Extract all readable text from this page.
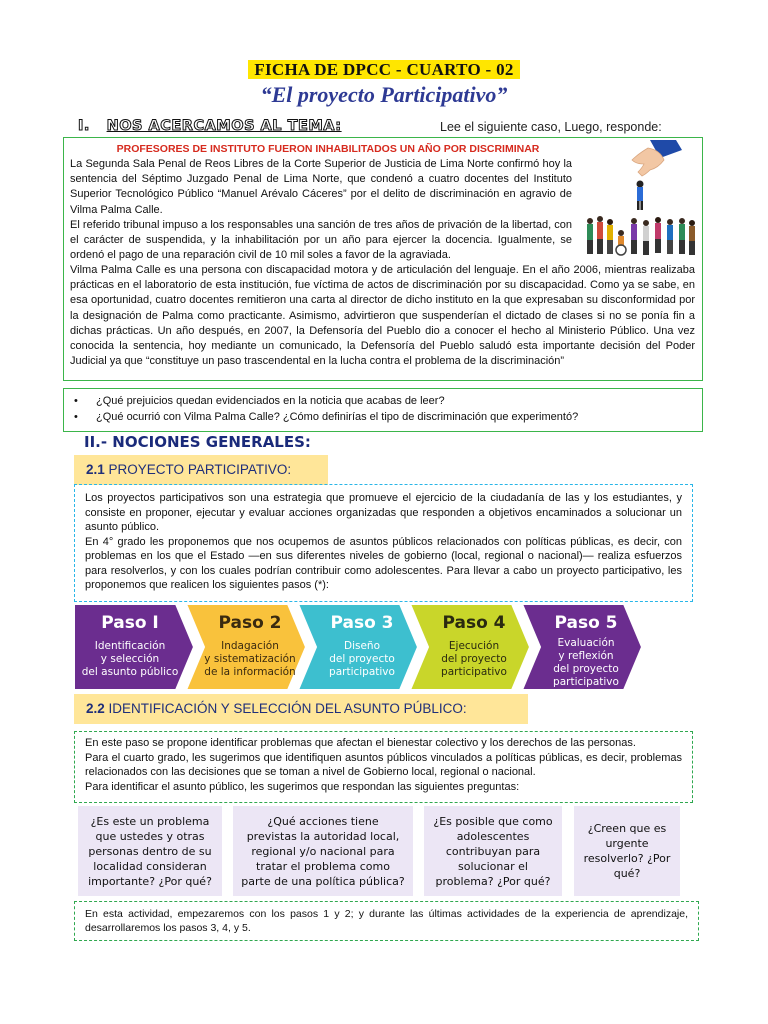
FICHA DE DPCC - CUARTO - 02
“El proyecto Participativo”
I. NOS ACERCAMOS AL TEMA:	Lee el siguiente caso, Luego, responde:
PROFESORES DE INSTITUTO FUERON INHABILITADOS UN AÑO POR DISCRIMINAR
La Segunda Sala Penal de Reos Libres de la Corte Superior de Justicia de Lima Norte confirmó hoy la sentencia del Séptimo Juzgado Penal de Lima Norte, que condenó a cuatro docentes del Instituto Superior Tecnológico Público “Manuel Arévalo Cáceres” por el delito de discriminación en agravio de Vilma Palma Calle.
El referido tribunal impuso a los responsables una sanción de tres años de privación de la libertad, con el carácter de suspendida, y la inhabilitación por un año para ejercer la docencia. Igualmente, se ordenó el pago de una reparación civil de 10 mil soles a favor de la agraviada.
Vilma Palma Calle es una persona con discapacidad motora y de articulación del lenguaje. En el año 2006, mientras realizaba prácticas en el laboratorio de esta institución, fue víctima de actos de discriminación por su discapacidad. Como ya se sabe, en esa oportunidad, cuatro docentes remitieron una carta al director de dicho instituto en la que expresaban su disconformidad por la designación de Palma como practicante. Asimismo, advirtieron que suspenderían el dictado de clases si no se ponía fin a dichas prácticas. Un año después, en 2007, la Defensoría del Pueblo dio a conocer el hecho al Ministerio Público. Una vez conocida la sentencia, hoy mediante un comunicado, la Defensoría del Pueblo saludó esta importante decisión del Poder Judicial ya que “constituye un paso trascendental en la lucha contra el problema de la discriminación”
•	¿Qué prejuicios quedan evidenciados en la noticia que acabas de leer?
•	¿Qué ocurrió con Vilma Palma Calle? ¿Cómo definirías el tipo de discriminación que experimentó?
II.- NOCIONES GENERALES:
2.1 PROYECTO PARTICIPATIVO:
Los proyectos participativos son una estrategia que promueve el ejercicio de la ciudadanía de las y los estudiantes, y consiste en proponer, ejecutar y evaluar acciones organizadas que responden a objetivos encaminados a solucionar un asunto público.
En 4° grado les proponemos que nos ocupemos de asuntos públicos relacionados con políticas públicas, es decir, con problemas en los que el Estado —en sus diferentes niveles de gobierno (local, regional o nacional)— realiza esfuerzos para resolverlos, y con los cuales podrían contribuir como adolescentes. Para llevar a cabo un proyecto participativo, les proponemos que realicen los siguientes pasos (*):
Paso I
Identificación
y selección
del asunto público
Paso 2
Indagación
y sistematización
de la información
Paso 3
Diseño
del proyecto
participativo
Paso 4
Ejecución
del proyecto
participativo
Paso 5
Evaluación
y reflexión
del proyecto
participativo
2.2 IDENTIFICACIÓN Y SELECCIÓN DEL ASUNTO PÚBLICO:
En este paso se propone identificar problemas que afectan el bienestar colectivo y los derechos de las personas.
Para el cuarto grado, les sugerimos que identifiquen asuntos públicos vinculados a políticas públicas, es decir, problemas relacionados con las decisiones que se toman a nivel de Gobierno local, regional o nacional.
Para identificar el asunto público, les sugerimos que respondan las siguientes preguntas:
¿Es este un problema que ustedes y otras personas dentro de su localidad consideran importante? ¿Por qué?
¿Qué acciones tiene previstas la autoridad local, regional y/o nacional para tratar el problema como parte de una política pública?
¿Es posible que como adolescentes contribuyan para solucionar el problema? ¿Por qué?
¿Creen que es urgente resolverlo? ¿Por qué?
En esta actividad, empezaremos con los pasos 1 y 2; y durante las últimas actividades de la experiencia de aprendizaje, desarrollaremos los pasos 3, 4, y 5.
